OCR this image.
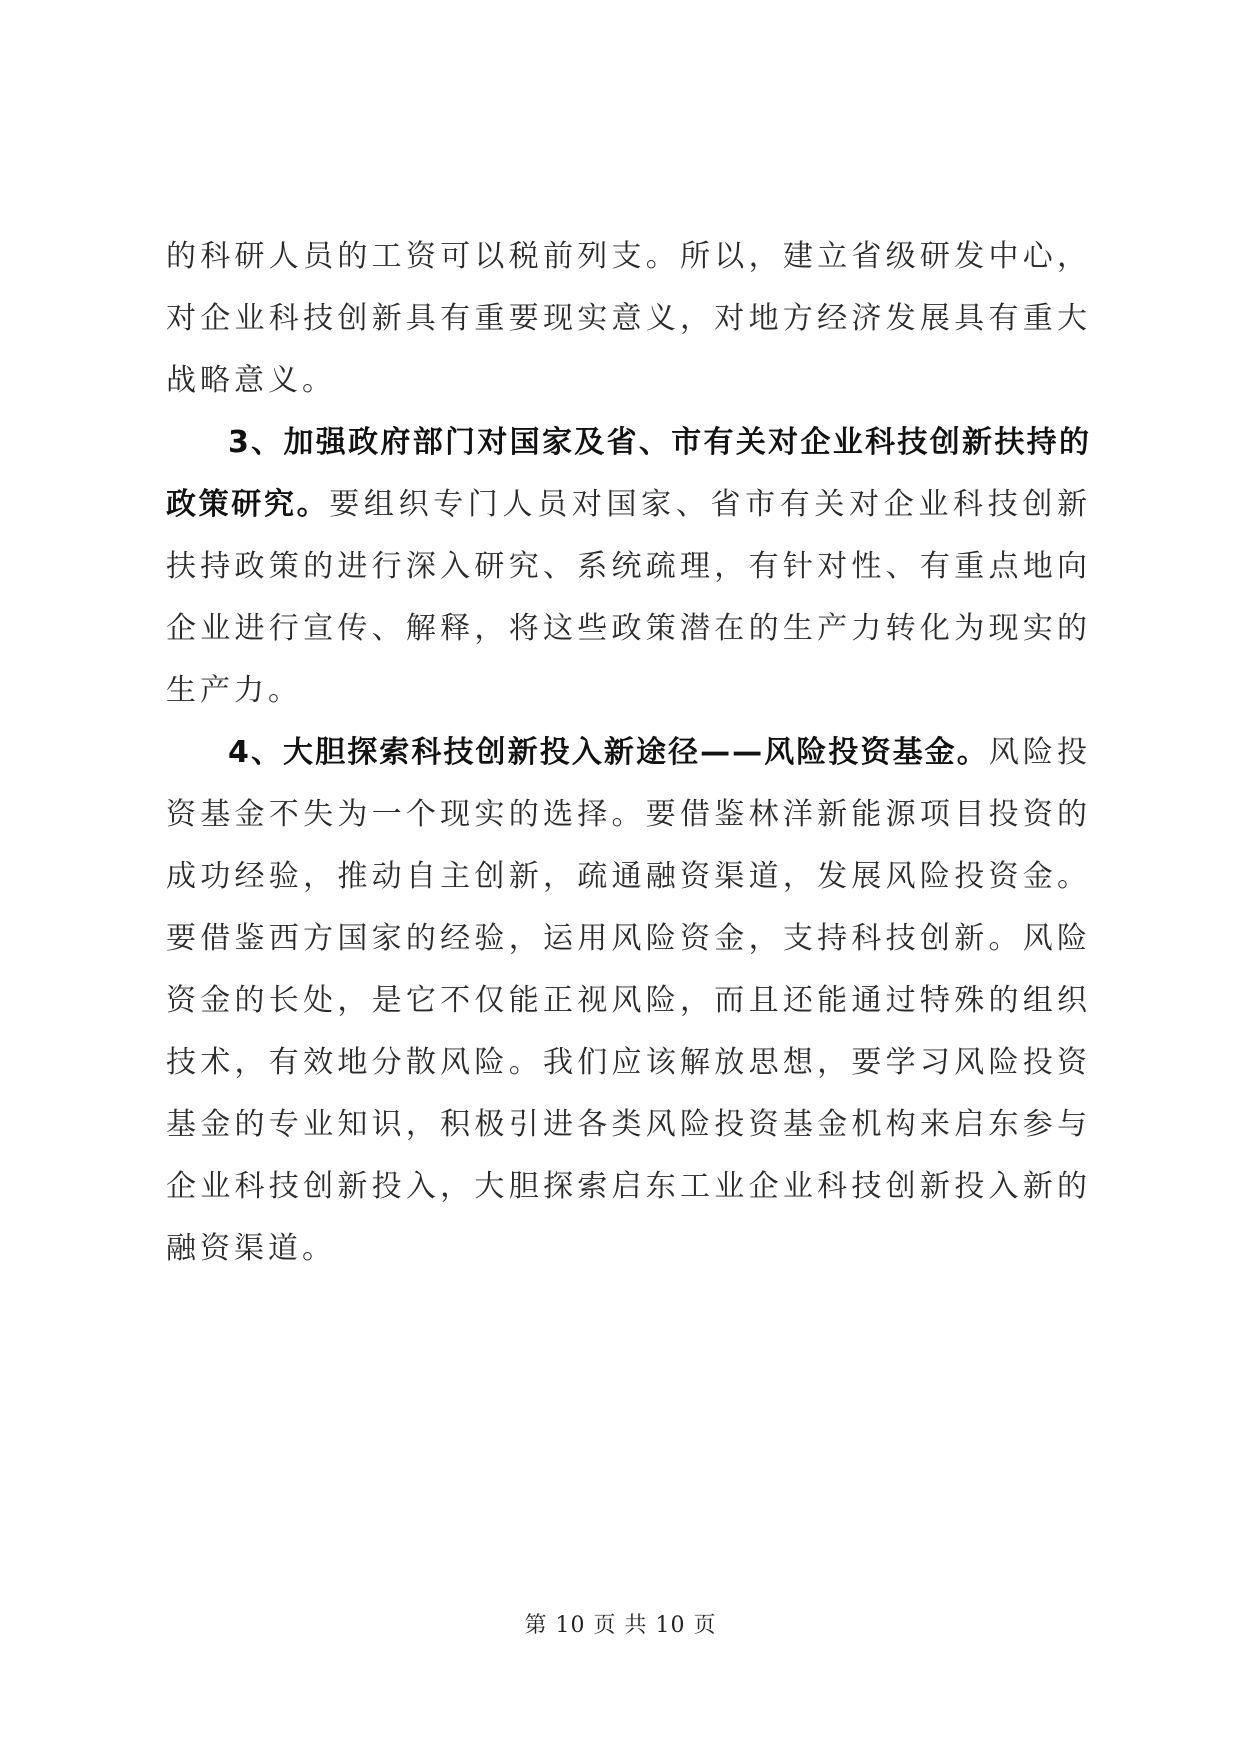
的科研人员的工资可以税前列支。所以，建立省级研发中心，对企业科技创新具有重要现实意义，对地方经济发展具有重大战略意义。

3、加强政府部门对国家及省、市有关对企业科技创新扶持的政策研究。要组织专门人员对国家、省市有关对企业科技创新扶持政策的进行深入研究、系统疏理，有针对性、有重点地向企业进行宣传、解释，将这些政策潜在的生产力转化为现实的生产力。

4、大胆探索科技创新投入新途径——风险投资基金。风险投资基金不失为一个现实的选择。要借鉴林洋新能源项目投资的成功经验，推动自主创新，疏通融资渠道，发展风险投资金。要借鉴西方国家的经验，运用风险资金，支持科技创新。风险资金的长处，是它不仅能正视风险，而且还能通过特殊的组织技术，有效地分散风险。我们应该解放思想，要学习风险投资基金的专业知识，积极引进各类风险投资基金机构来启东参与企业科技创新投入，大胆探索启东工业企业科技创新投入新的融资渠道。

第 10 页 共 10 页
